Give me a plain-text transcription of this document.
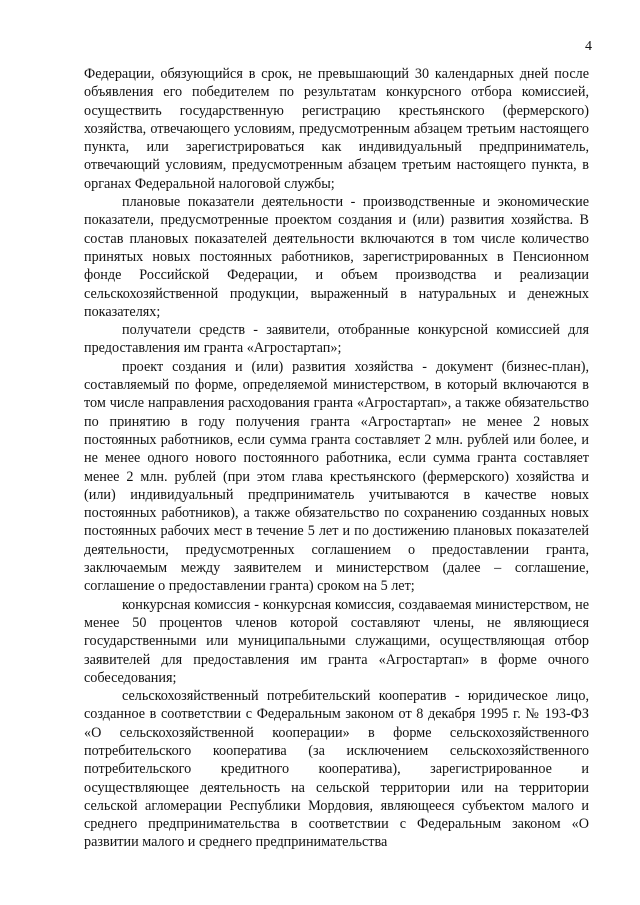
4

Федерации, обязующийся в срок, не превышающий 30 календарных дней после объявления его победителем по результатам конкурсного отбора комиссией, осуществить государственную регистрацию крестьянского (фермерского) хозяйства, отвечающего условиям, предусмотренным абзацем третьим настоящего пункта, или зарегистрироваться как индивидуальный предприниматель, отвечающий условиям, предусмотренным абзацем третьим настоящего пункта, в органах Федеральной налоговой службы;

плановые показатели деятельности - производственные и экономические показатели, предусмотренные проектом создания и (или) развития хозяйства. В состав плановых показателей деятельности включаются в том числе количество принятых новых постоянных работников, зарегистрированных в Пенсионном фонде Российской Федерации, и объем производства и реализации сельскохозяйственной продукции, выраженный в натуральных и денежных показателях;

получатели средств - заявители, отобранные конкурсной комиссией для предоставления им гранта «Агростартап»;

проект создания и (или) развития хозяйства - документ (бизнес-план), составляемый по форме, определяемой министерством, в который включаются в том числе направления расходования гранта «Агростартап», а также обязательство по принятию в году получения гранта «Агростартап» не менее 2 новых постоянных работников, если сумма гранта составляет 2 млн. рублей или более, и не менее одного нового постоянного работника, если сумма гранта составляет менее 2 млн. рублей (при этом глава крестьянского (фермерского) хозяйства и (или) индивидуальный предприниматель учитываются в качестве новых постоянных работников), а также обязательство по сохранению созданных новых постоянных рабочих мест в течение 5 лет и по достижению плановых показателей деятельности, предусмотренных соглашением о предоставлении гранта, заключаемым между заявителем и министерством (далее – соглашение, соглашение о предоставлении гранта) сроком на 5 лет;

конкурсная комиссия - конкурсная комиссия, создаваемая министерством, не менее 50 процентов членов которой составляют члены, не являющиеся государственными или муниципальными служащими, осуществляющая отбор заявителей для предоставления им гранта «Агростартап» в форме очного собеседования;

сельскохозяйственный потребительский кооператив - юридическое лицо, созданное в соответствии с Федеральным законом от 8 декабря 1995 г. № 193-ФЗ «О сельскохозяйственной кооперации» в форме сельскохозяйственного потребительского кооператива (за исключением сельскохозяйственного потребительского кредитного кооператива), зарегистрированное и осуществляющее деятельность на сельской территории или на территории сельской агломерации Республики Мордовия, являющееся субъектом малого и среднего предпринимательства в соответствии с Федеральным законом «О развитии малого и среднего предпринимательства
